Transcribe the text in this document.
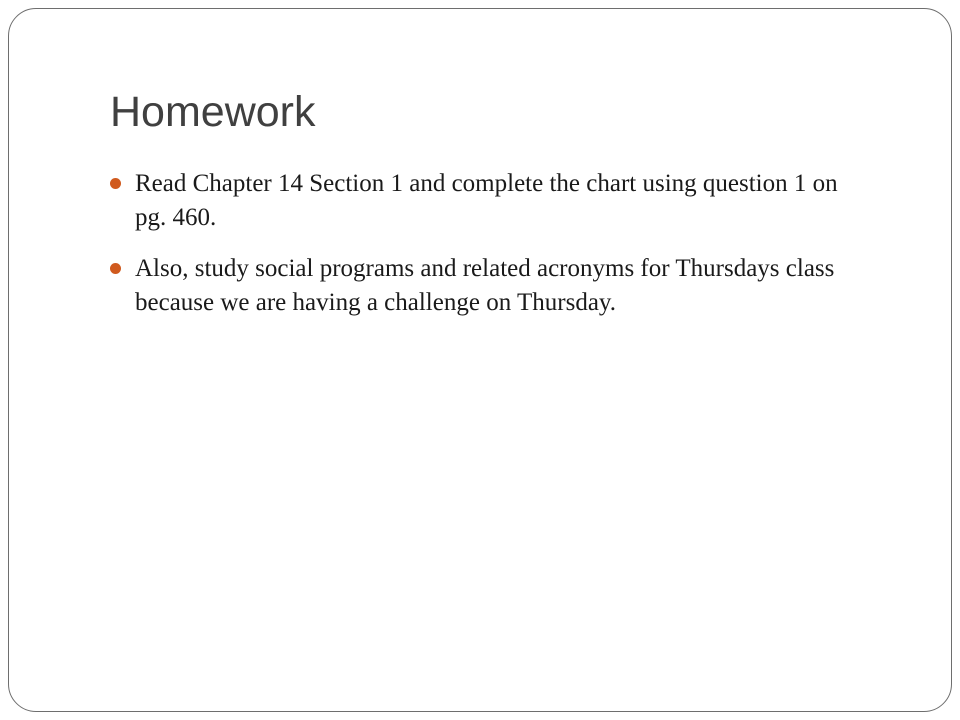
Homework
Read Chapter 14 Section 1 and complete the chart using question 1 on pg. 460.
Also, study social programs and related acronyms for Thursdays class because we are having a challenge on Thursday.
